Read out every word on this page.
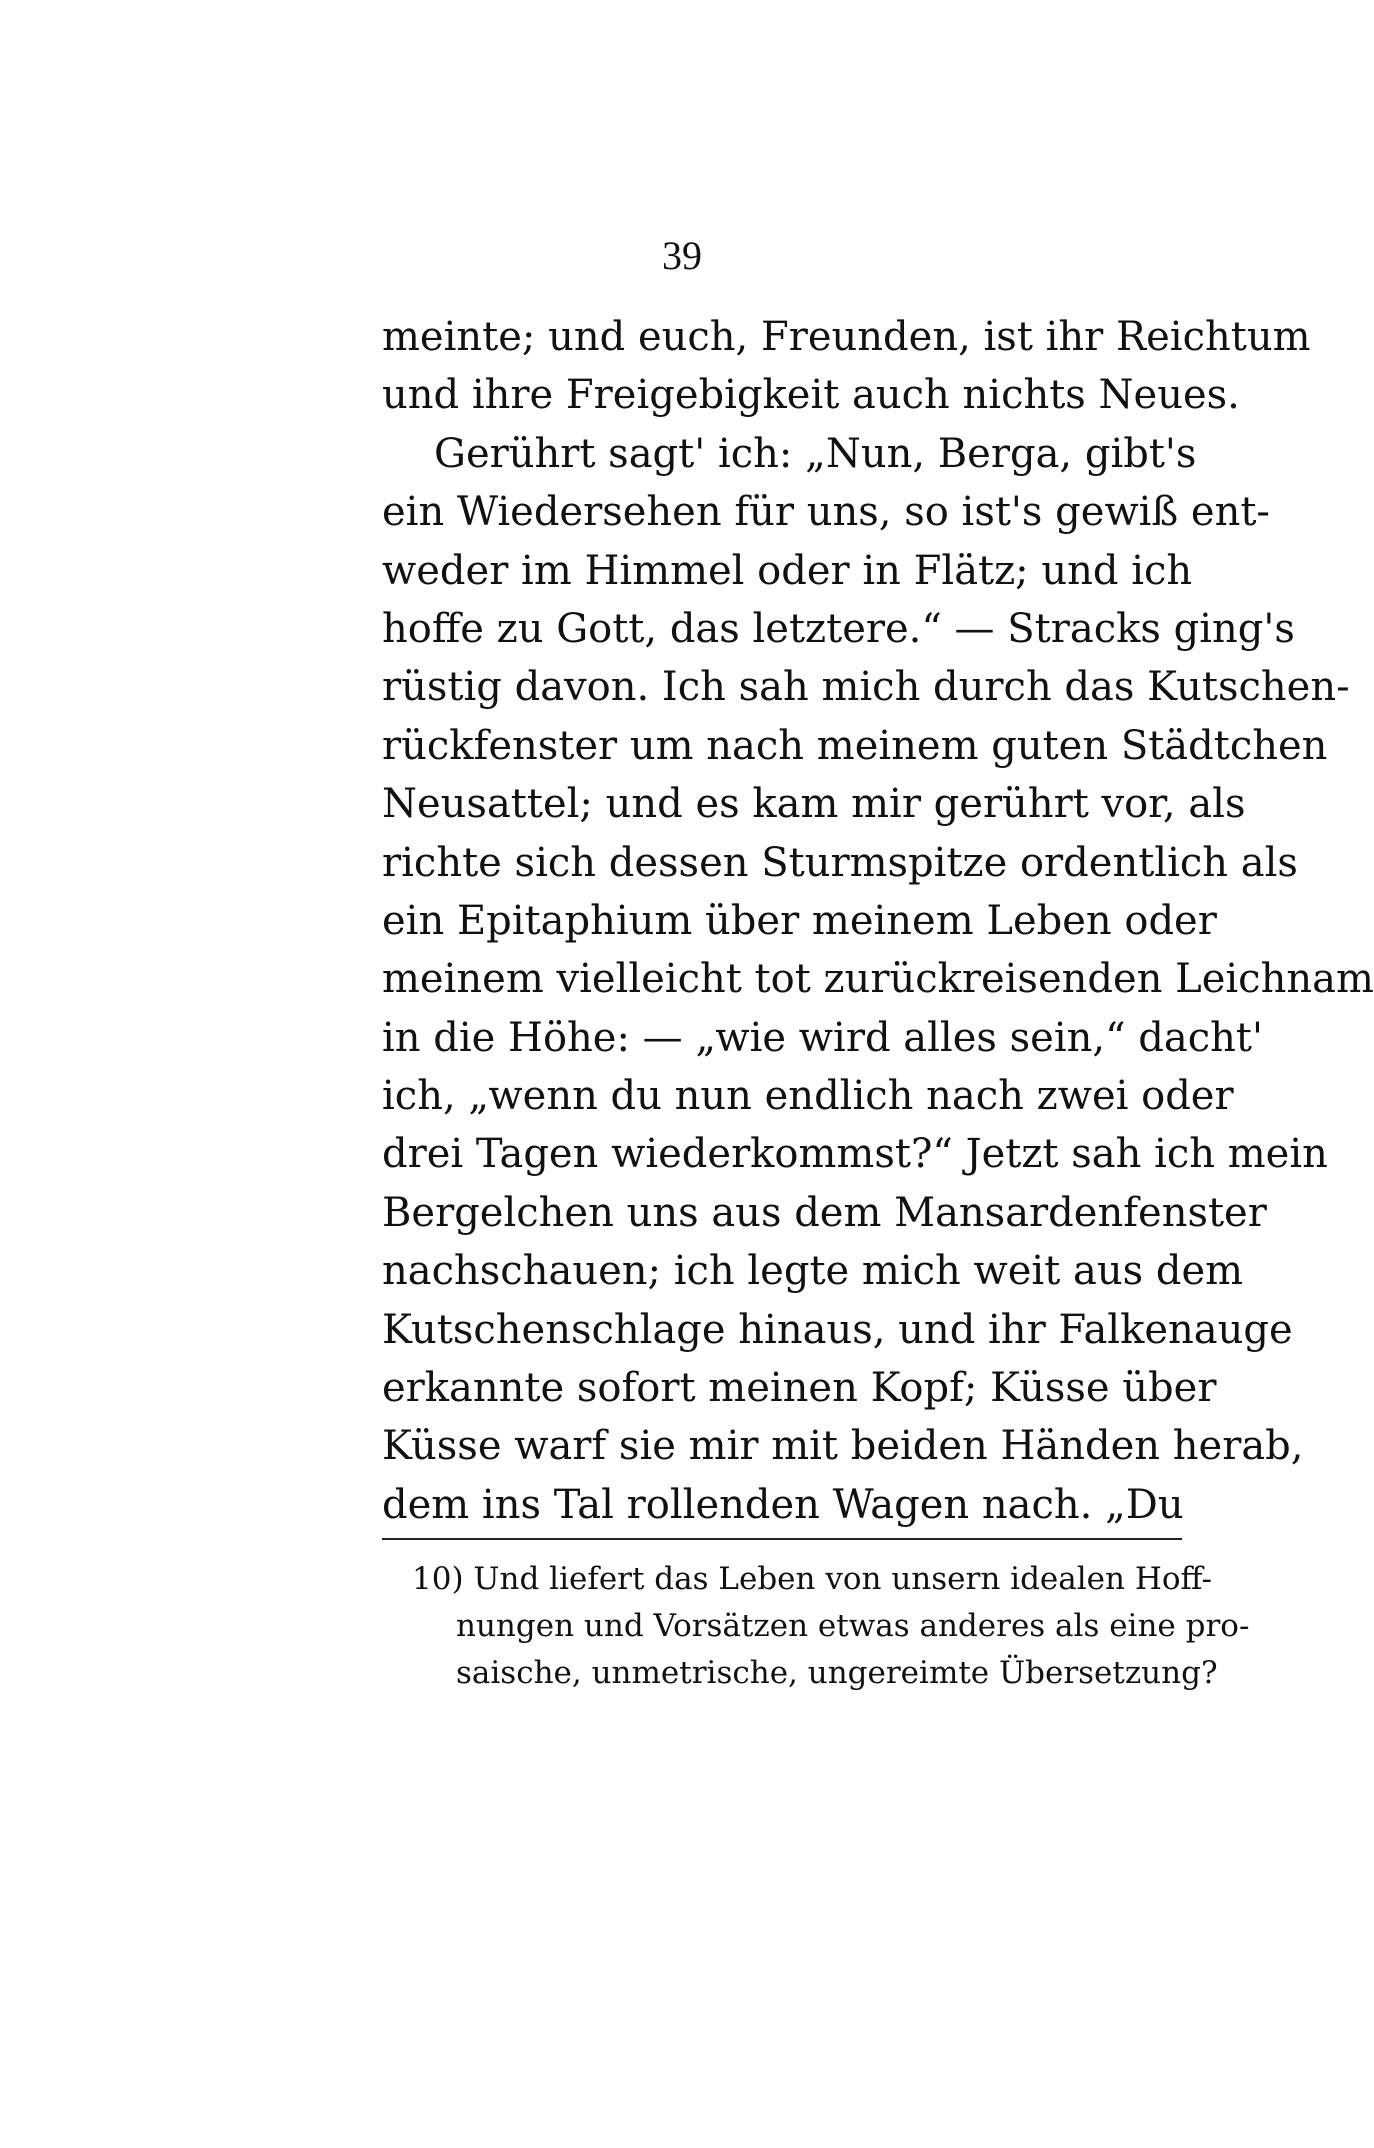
39
meinte; und euch, Freunden, ist ihr Reichtum
und ihre Freigebigkeit auch nichts Neues.
Gerührt sagt' ich: „Nun, Berga, gibt's
ein Wiedersehen für uns, so ist's gewiß ent-
weder im Himmel oder in Flätz; und ich
hoffe zu Gott, das letztere.“ — Stracks ging's
rüstig davon. Ich sah mich durch das Kutschen-
rückfenster um nach meinem guten Städtchen
Neusattel; und es kam mir gerührt vor, als
richte sich dessen Sturmspitze ordentlich als
ein Epitaphium über meinem Leben oder
meinem vielleicht tot zurückreisenden Leichnam
in die Höhe: — „wie wird alles sein,“ dacht'
ich, „wenn du nun endlich nach zwei oder
drei Tagen wiederkommst?“ Jetzt sah ich mein
Bergelchen uns aus dem Mansardenfenster
nachschauen; ich legte mich weit aus dem
Kutschenschlage hinaus, und ihr Falkenauge
erkannte sofort meinen Kopf; Küsse über
Küsse warf sie mir mit beiden Händen herab,
dem ins Tal rollenden Wagen nach. „Du
10) Und liefert das Leben von unsern idealen Hoff-
nungen und Vorsätzen etwas anderes als eine pro-
saische, unmetrische, ungereimte Übersetzung?
